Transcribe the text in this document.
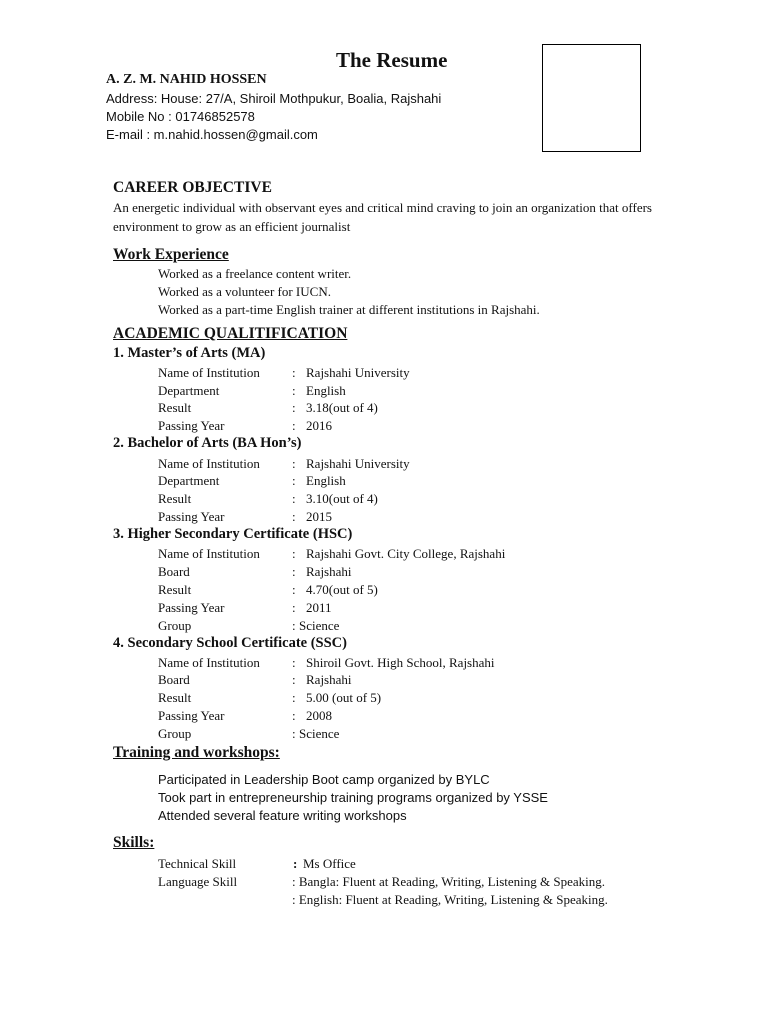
The Resume
A. Z. M. NAHID HOSSEN
Address: House: 27/A, Shiroil Mothpukur, Boalia, Rajshahi
Mobile No : 01746852578
E-mail : m.nahid.hossen@gmail.com
CAREER OBJECTIVE
An energetic individual with observant eyes and critical mind craving to join an organization that offers environment to grow as an efficient journalist
Work Experience
Worked as a freelance content writer.
Worked as a volunteer for IUCN.
Worked as a part-time English trainer at different institutions in Rajshahi.
ACADEMIC QUALITIFICATION
1. Master’s of Arts (MA)
Name of Institution : Rajshahi University
Department	: English
Result	: 3.18(out of 4)
Passing Year	: 2016
2. Bachelor of Arts (BA Hon’s)
Name of Institution : Rajshahi University
Department	: English
Result	: 3.10(out of 4)
Passing Year	: 2015
3. Higher Secondary Certificate (HSC)
Name of Institution : Rajshahi Govt. City College, Rajshahi
Board	: Rajshahi
Result	: 4.70(out of 5)
Passing Year	: 2011
Group	: Science
4. Secondary School Certificate (SSC)
Name of Institution : Shiroil Govt. High School, Rajshahi
Board	: Rajshahi
Result	: 5.00 (out of 5)
Passing Year	: 2008
Group	: Science
Training and workshops:
Participated in Leadership Boot camp organized by BYLC
Took part in entrepreneurship training programs organized by YSSE
Attended several feature writing workshops
Skills:
Technical Skill	: Ms Office
Language Skill	: Bangla: Fluent at Reading, Writing, Listening & Speaking.
: English: Fluent at Reading, Writing, Listening & Speaking.
